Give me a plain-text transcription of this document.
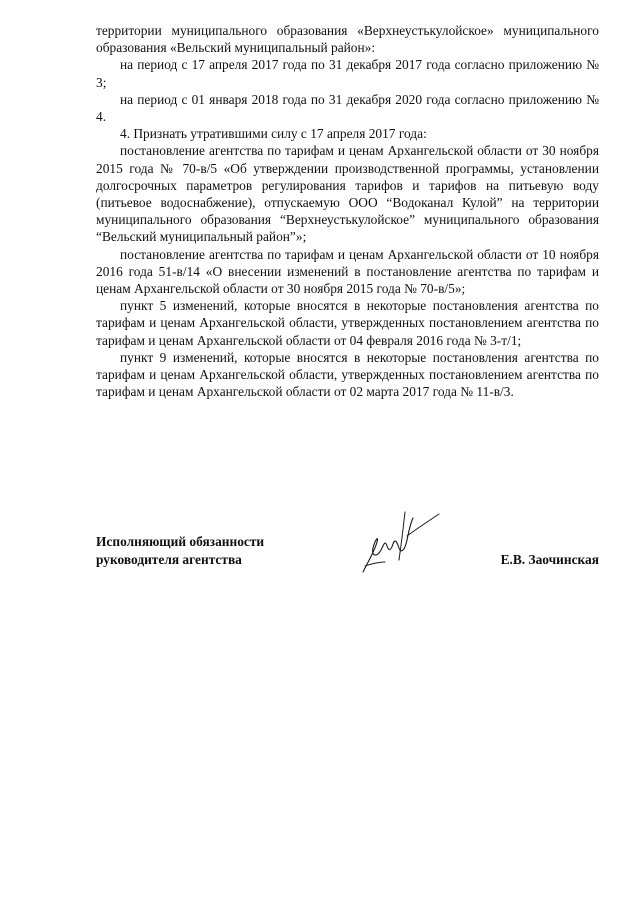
территории муниципального образования «Верхнеустькулойское» муниципального образования «Вельский муниципальный район»:

на период с 17 апреля 2017 года по 31 декабря 2017 года согласно приложению № 3;

на период с 01 января 2018 года по 31 декабря 2020 года согласно приложению № 4.

4. Признать утратившими силу с 17 апреля 2017 года:

постановление агентства по тарифам и ценам Архангельской области от 30 ноября 2015 года № 70-в/5 «Об утверждении производственной программы, установлении долгосрочных параметров регулирования тарифов и тарифов на питьевую воду (питьевое водоснабжение), отпускаемую ООО “Водоканал Кулой” на территории муниципального образования “Верхнеустькулойское” муниципального образования “Вельский муниципальный район”»;

постановление агентства по тарифам и ценам Архангельской области от 10 ноября 2016 года 51-в/14 «О внесении изменений в постановление агентства по тарифам и ценам Архангельской области от 30 ноября 2015 года № 70-в/5»;

пункт 5 изменений, которые вносятся в некоторые постановления агентства по тарифам и ценам Архангельской области, утвержденных постановлением агентства по тарифам и ценам Архангельской области от 04 февраля 2016 года № 3-т/1;

пункт 9 изменений, которые вносятся в некоторые постановления агентства по тарифам и ценам Архангельской области, утвержденных постановлением агентства по тарифам и ценам Архангельской области от 02 марта 2017 года № 11-в/3.

Исполняющий обязанности
руководителя агентства	Е.В. Заочинская
